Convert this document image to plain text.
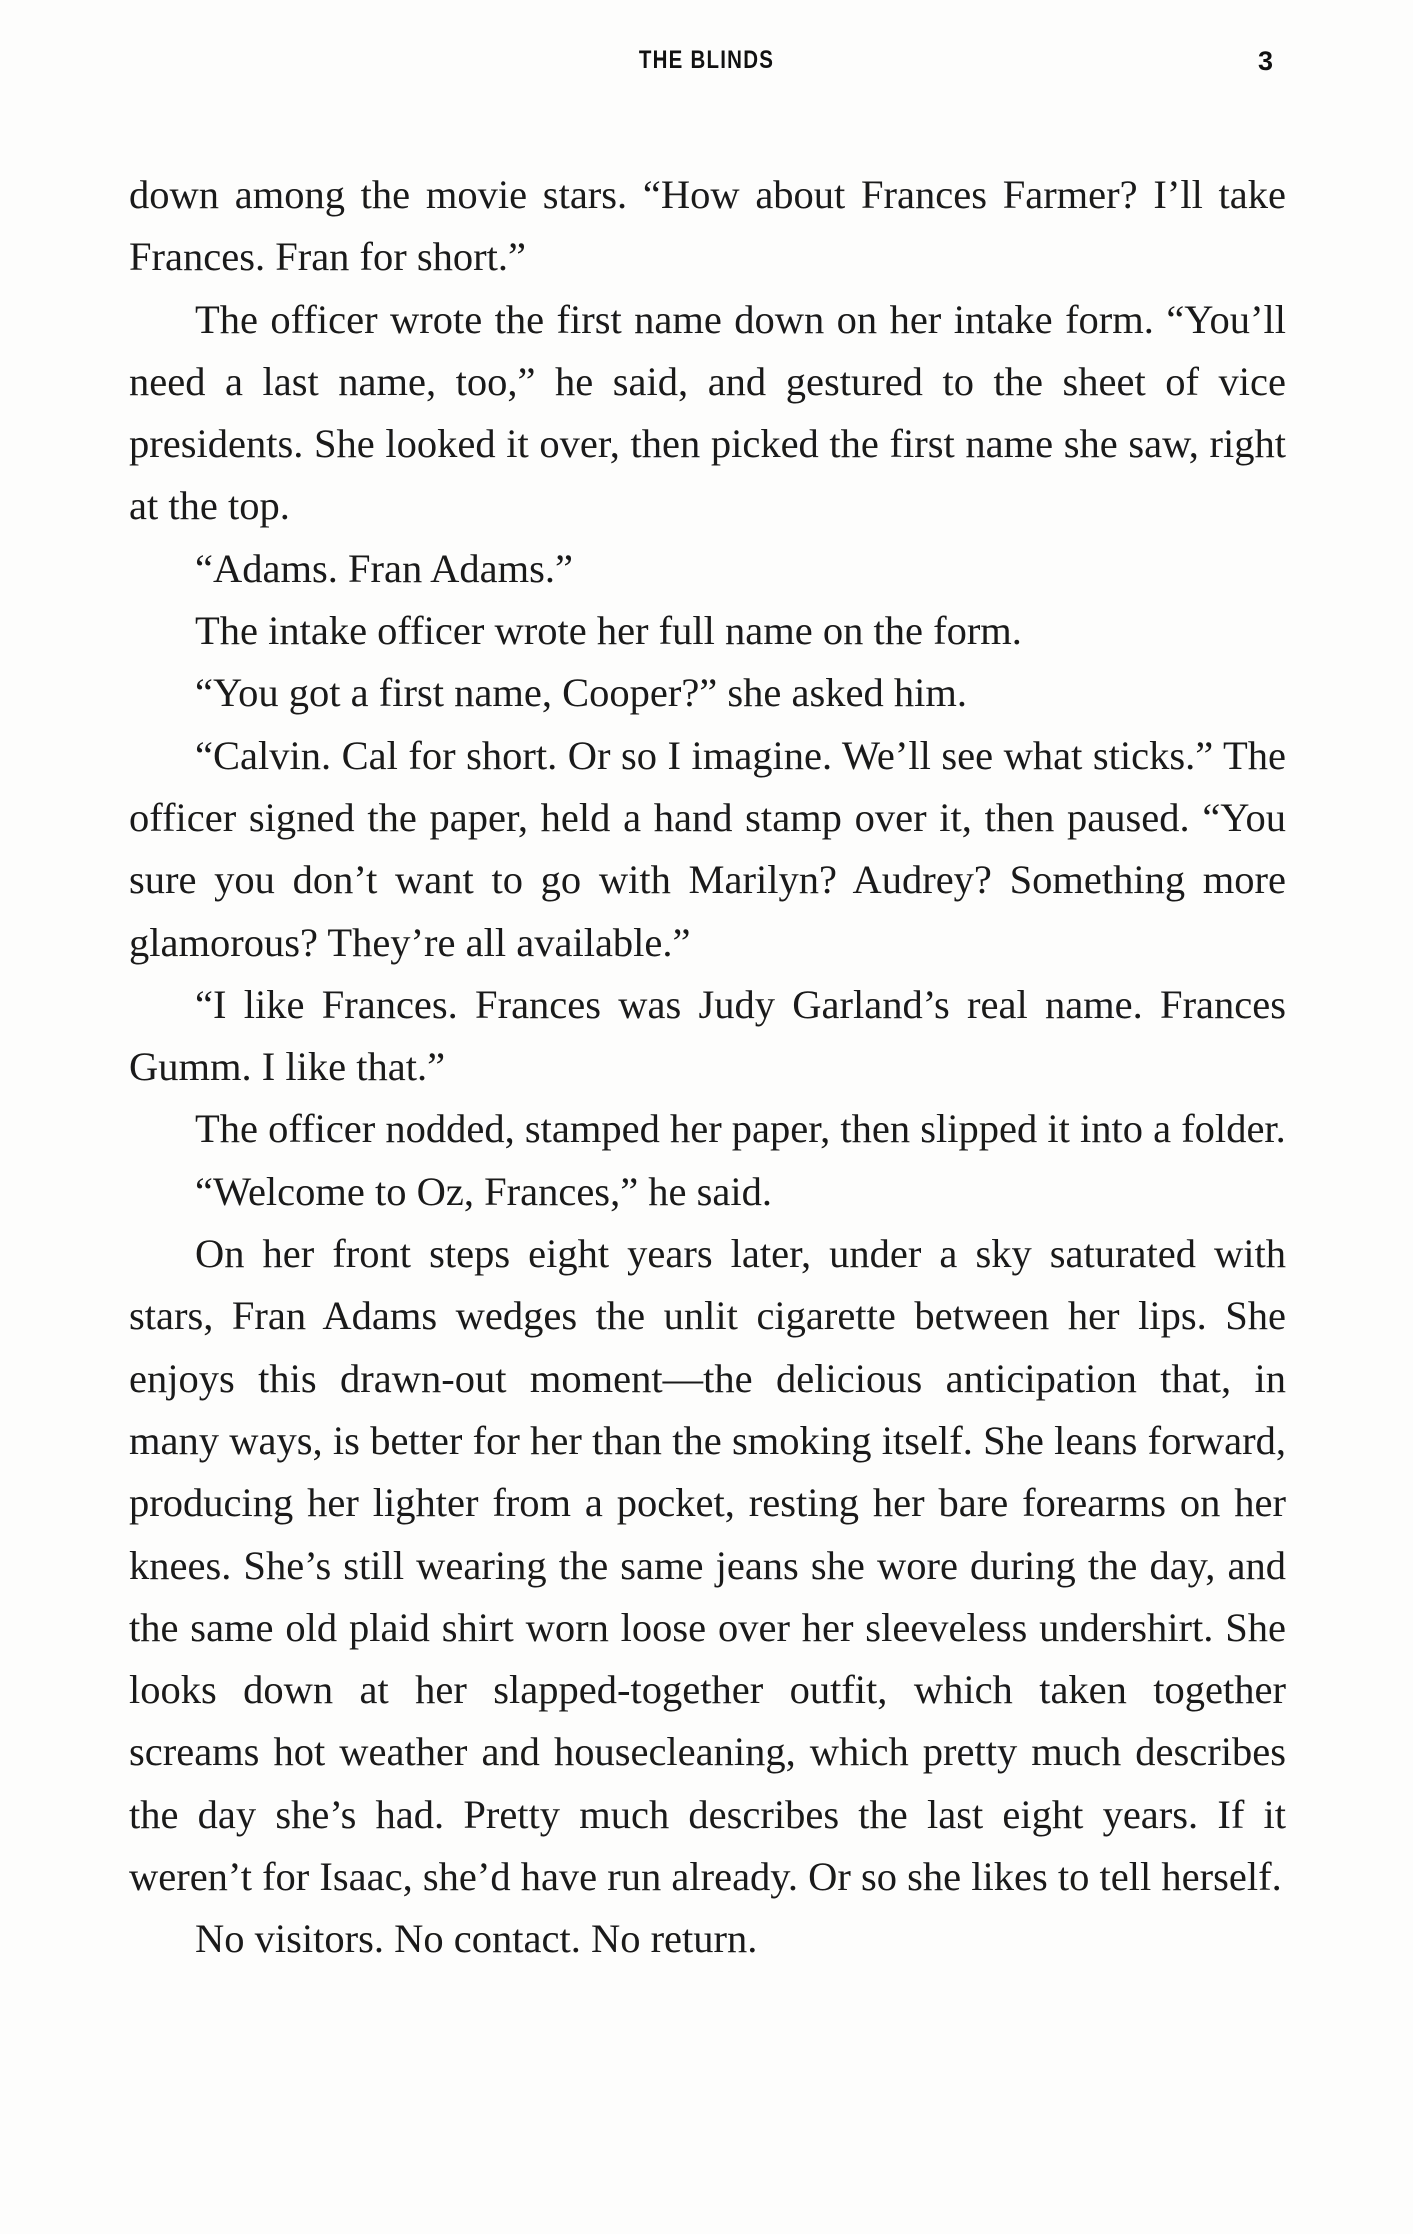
THE BLINDS	3

down among the movie stars. “How about Frances Farmer? I’ll take Frances. Fran for short.”

The officer wrote the first name down on her intake form. “You’ll need a last name, too,” he said, and gestured to the sheet of vice presidents. She looked it over, then picked the first name she saw, right at the top.

“Adams. Fran Adams.”

The intake officer wrote her full name on the form.

“You got a first name, Cooper?” she asked him.

“Calvin. Cal for short. Or so I imagine. We’ll see what sticks.” The officer signed the paper, held a hand stamp over it, then paused. “You sure you don’t want to go with Marilyn? Audrey? Something more glamorous? They’re all available.”

“I like Frances. Frances was Judy Garland’s real name. Frances Gumm. I like that.”

The officer nodded, stamped her paper, then slipped it into a folder.

“Welcome to Oz, Frances,” he said.

On her front steps eight years later, under a sky saturated with stars, Fran Adams wedges the unlit cigarette between her lips. She enjoys this drawn-out moment—the delicious anticipation that, in many ways, is better for her than the smoking itself. She leans forward, producing her lighter from a pocket, resting her bare forearms on her knees. She’s still wearing the same jeans she wore during the day, and the same old plaid shirt worn loose over her sleeveless undershirt. She looks down at her slapped-together outfit, which taken together screams hot weather and housecleaning, which pretty much describes the day she’s had. Pretty much describes the last eight years. If it weren’t for Isaac, she’d have run already. Or so she likes to tell herself.

No visitors. No contact. No return.
